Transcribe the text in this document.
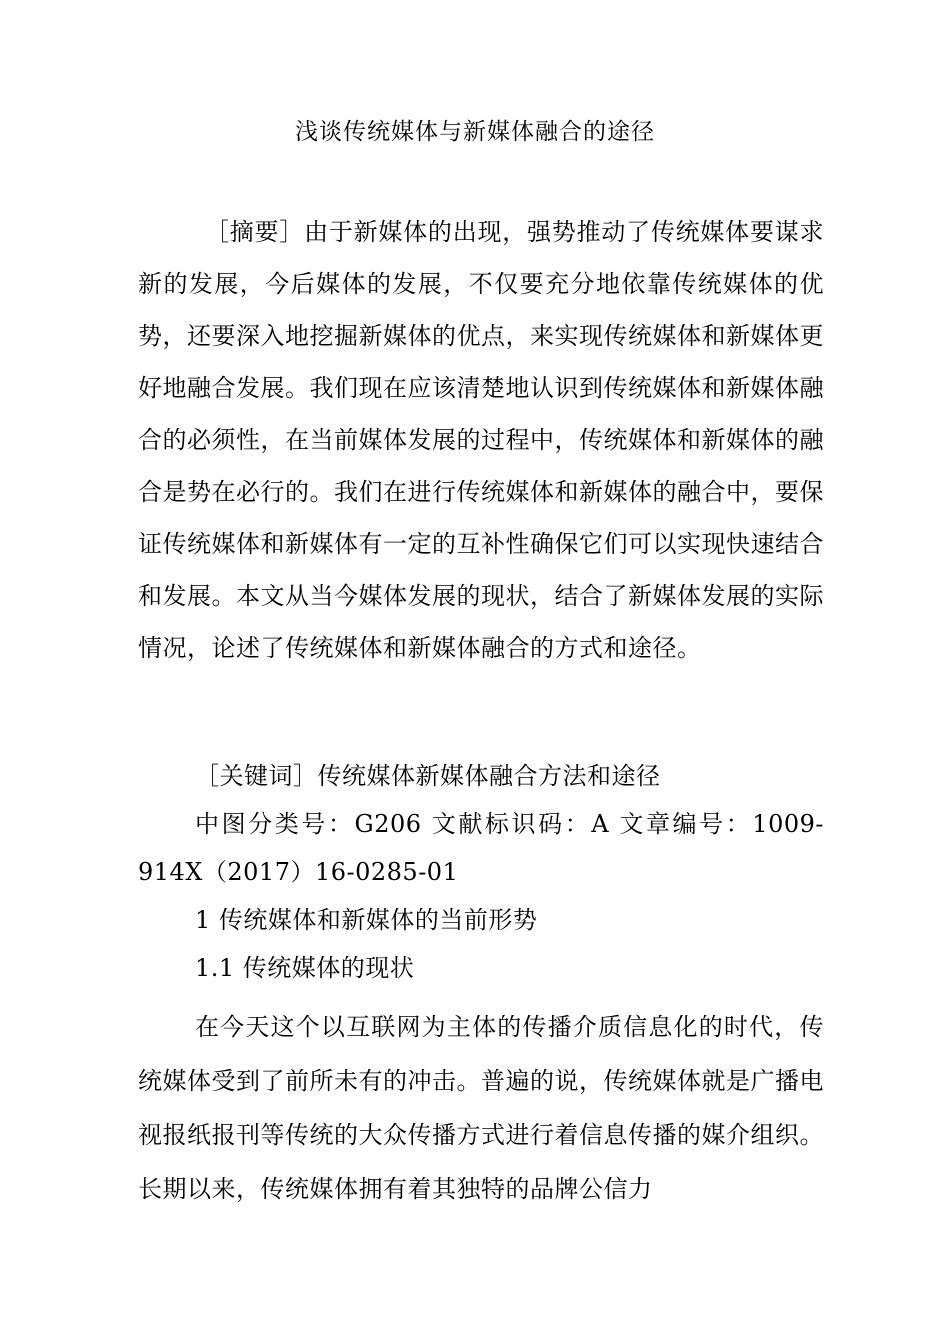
浅谈传统媒体与新媒体融合的途径
［摘要］由于新媒体的出现，强势推动了传统媒体要谋求新的发展，今后媒体的发展，不仅要充分地依靠传统媒体的优势，还要深入地挖掘新媒体的优点，来实现传统媒体和新媒体更好地融合发展。我们现在应该清楚地认识到传统媒体和新媒体融合的必须性，在当前媒体发展的过程中，传统媒体和新媒体的融合是势在必行的。我们在进行传统媒体和新媒体的融合中，要保证传统媒体和新媒体有一定的互补性确保它们可以实现快速结合和发展。本文从当今媒体发展的现状，结合了新媒体发展的实际情况，论述了传统媒体和新媒体融合的方式和途径。

［关键词］传统媒体新媒体融合方法和途径

中图分类号：G206 文献标识码：A 文章编号：1009-

914X（2017）16-0285-01

1 传统媒体和新媒体的当前形势

1.1 传统媒体的现状

在今天这个以互联网为主体的传播介质信息化的时代，传统媒体受到了前所未有的冲击。普遍的说，传统媒体就是广播电视报纸报刊等传统的大众传播方式进行着信息传播的媒介组织。长期以来，传统媒体拥有着其独特的品牌公信力
